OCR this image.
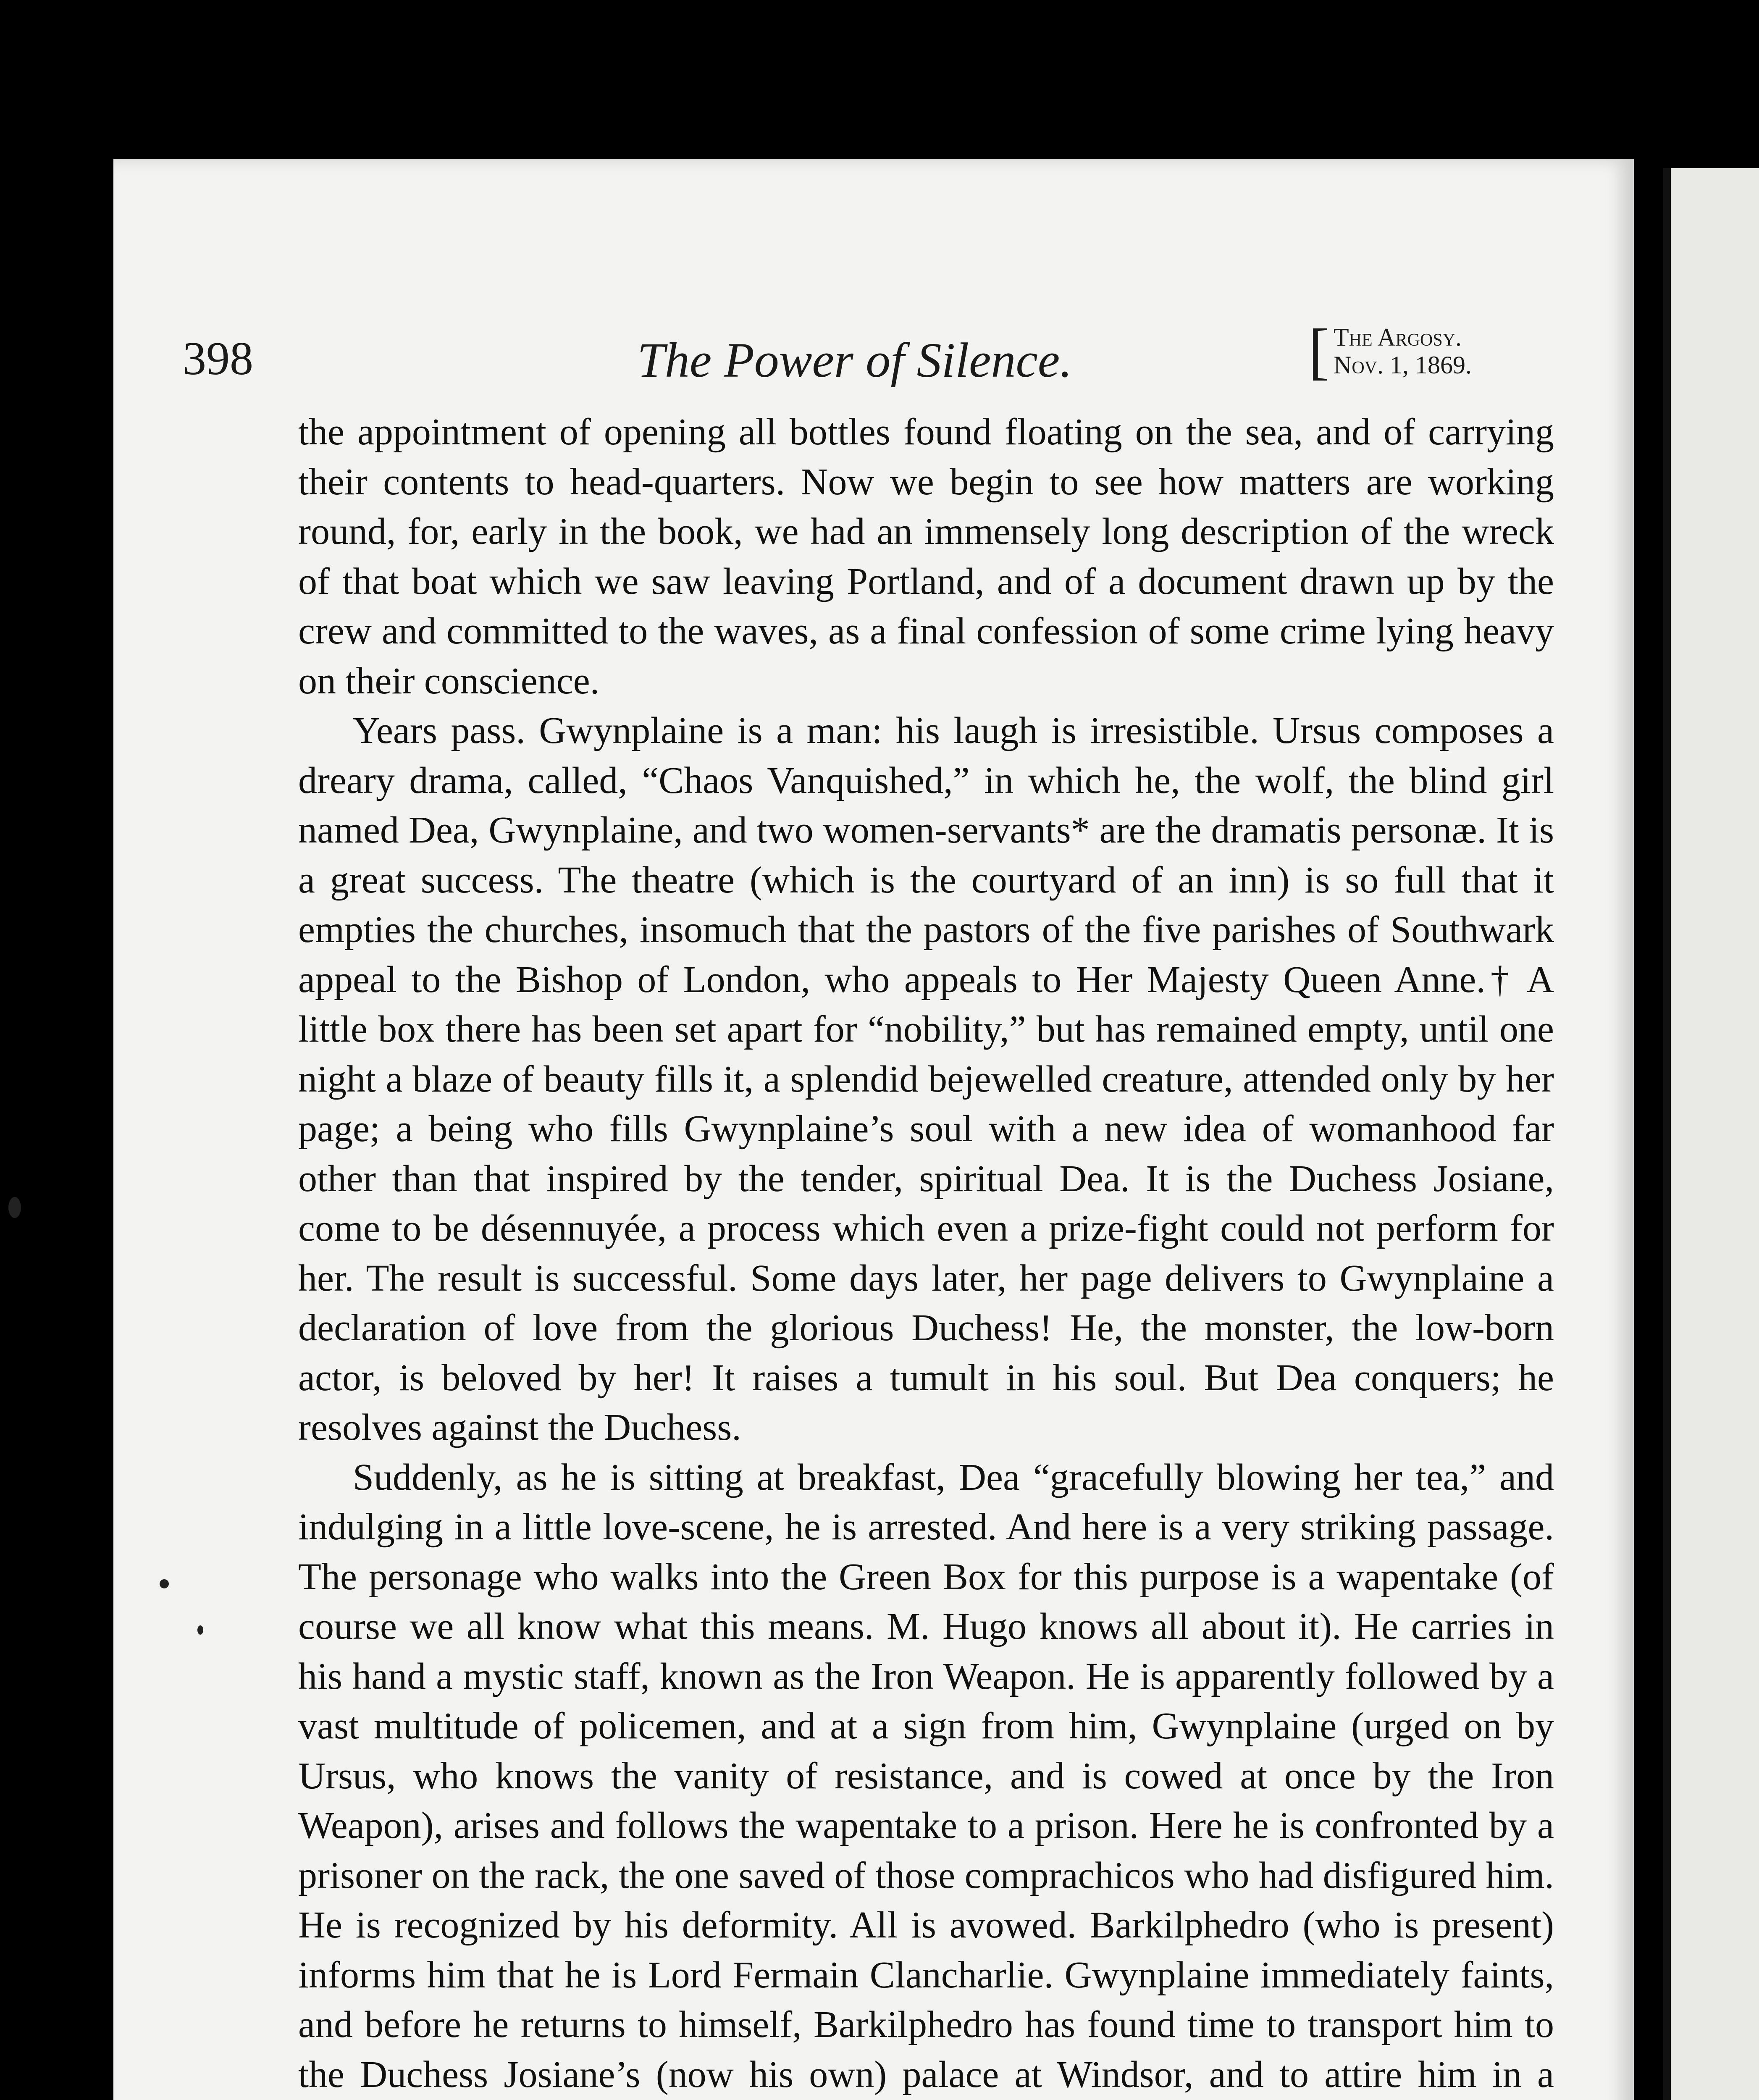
398	The Power of Silence.	[ The Argosy.
Nov. 1, 1869.

the appointment of opening all bottles found floating on the sea, and of carrying their contents to head-quarters. Now we begin to see how matters are working round, for, early in the book, we had an immensely long description of the wreck of that boat which we saw leaving Portland, and of a document drawn up by the crew and committed to the waves, as a final confession of some crime lying heavy on their conscience.

Years pass. Gwynplaine is a man: his laugh is irresistible. Ursus composes a dreary drama, called, “Chaos Vanquished,” in which he, the wolf, the blind girl named Dea, Gwynplaine, and two women-servants* are the dramatis personæ. It is a great success. The theatre (which is the courtyard of an inn) is so full that it empties the churches, insomuch that the pastors of the five parishes of Southwark appeal to the Bishop of London, who appeals to Her Majesty Queen Anne.† A little box there has been set apart for “nobility,” but has remained empty, until one night a blaze of beauty fills it, a splendid bejewelled creature, attended only by her page; a being who fills Gwynplaine’s soul with a new idea of womanhood far other than that inspired by the tender, spiritual Dea. It is the Duchess Josiane, come to be désennuyée, a process which even a prize-fight could not perform for her. The result is successful. Some days later, her page delivers to Gwynplaine a declaration of love from the glorious Duchess! He, the monster, the low-born actor, is beloved by her! It raises a tumult in his soul. But Dea conquers; he resolves against the Duchess.

Suddenly, as he is sitting at breakfast, Dea “gracefully blowing her tea,” and indulging in a little love-scene, he is arrested. And here is a very striking passage. The personage who walks into the Green Box for this purpose is a wapentake (of course we all know what this means. M. Hugo knows all about it). He carries in his hand a mystic staff, known as the Iron Weapon. He is apparently followed by a vast multitude of policemen, and at a sign from him, Gwynplaine (urged on by Ursus, who knows the vanity of resistance, and is cowed at once by the Iron Weapon), arises and follows the wapentake to a prison. Here he is confronted by a prisoner on the rack, the one saved of those comprachicos who had disfigured him. He is recognized by his deformity. All is avowed. Barkilphedro (who is present) informs him that he is Lord Fermain Clancharlie. Gwynplaine immediately faints, and before he returns to himself, Barkilphedro has found time to transport him to the Duchess Josiane’s (now his own) palace at Windsor, and to attire him in a
